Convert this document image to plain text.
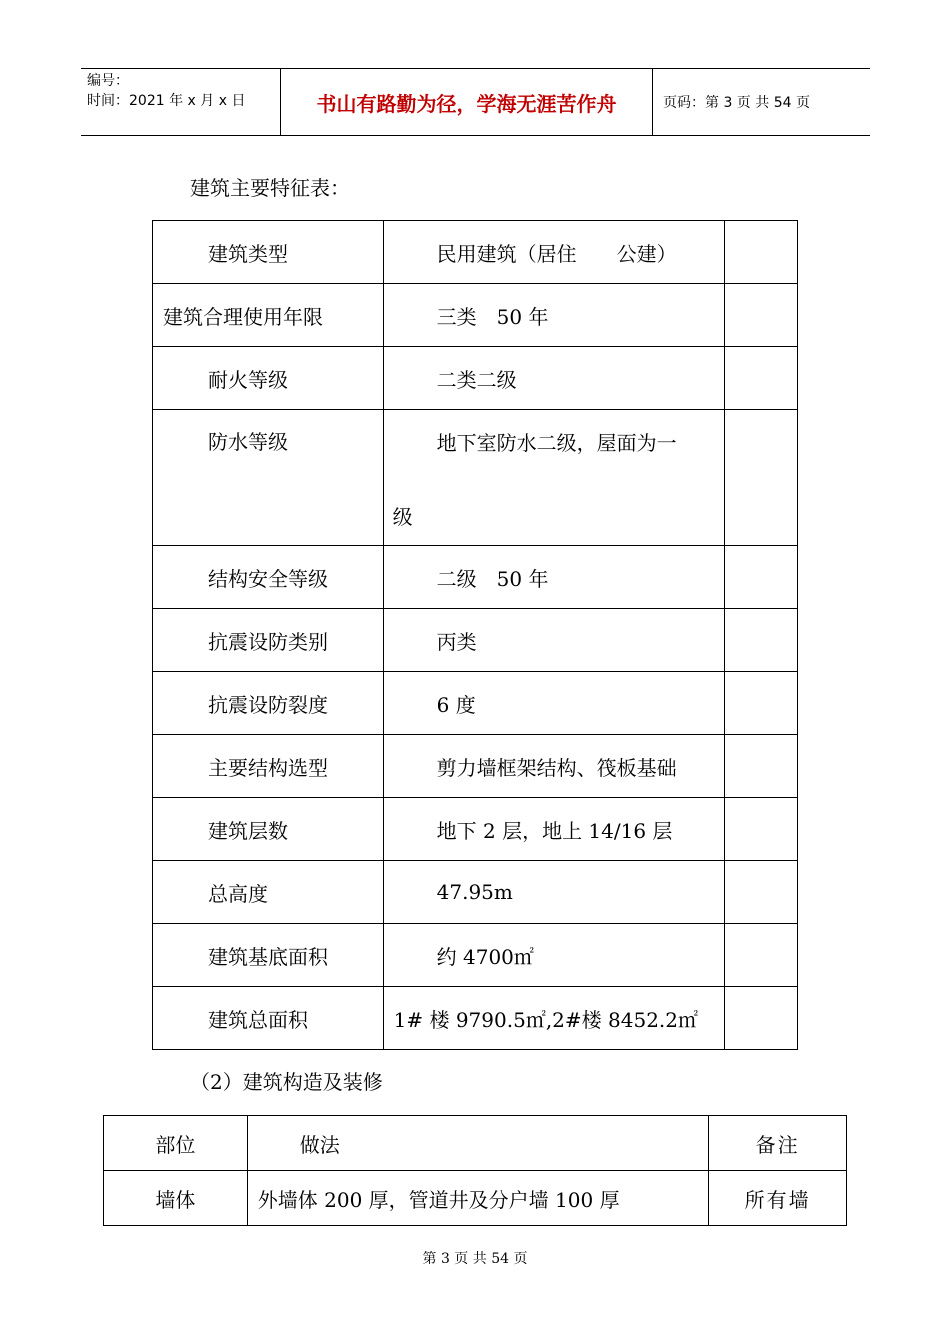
编号：
时间：2021 年 x 月 x 日	书山有路勤为径，学海无涯苦作舟	页码：第 3 页 共 54 页
建筑主要特征表：
建筑类型	民用建筑（居住　　公建）	
建筑合理使用年限	三类　50 年	
耐火等级	二类二级	
防水等级	地下室防水二级，屋面为一
级	

结构安全等级	二级　50 年	
抗震设防类别	丙类	
抗震设防裂度	6 度	
主要结构选型	剪力墙框架结构、筏板基础	
建筑层数	地下 2 层，地上 14/16 层	
总高度	47.95m	
建筑基底面积	约 4700㎡	
建筑总面积	1# 楼 9790.5㎡,2#楼 8452.2㎡	
（2）建筑构造及装修
部位	做法	备注
墙体	外墙体 200 厚，管道井及分户墙 100 厚	所有墙
第 3 页 共 54 页
